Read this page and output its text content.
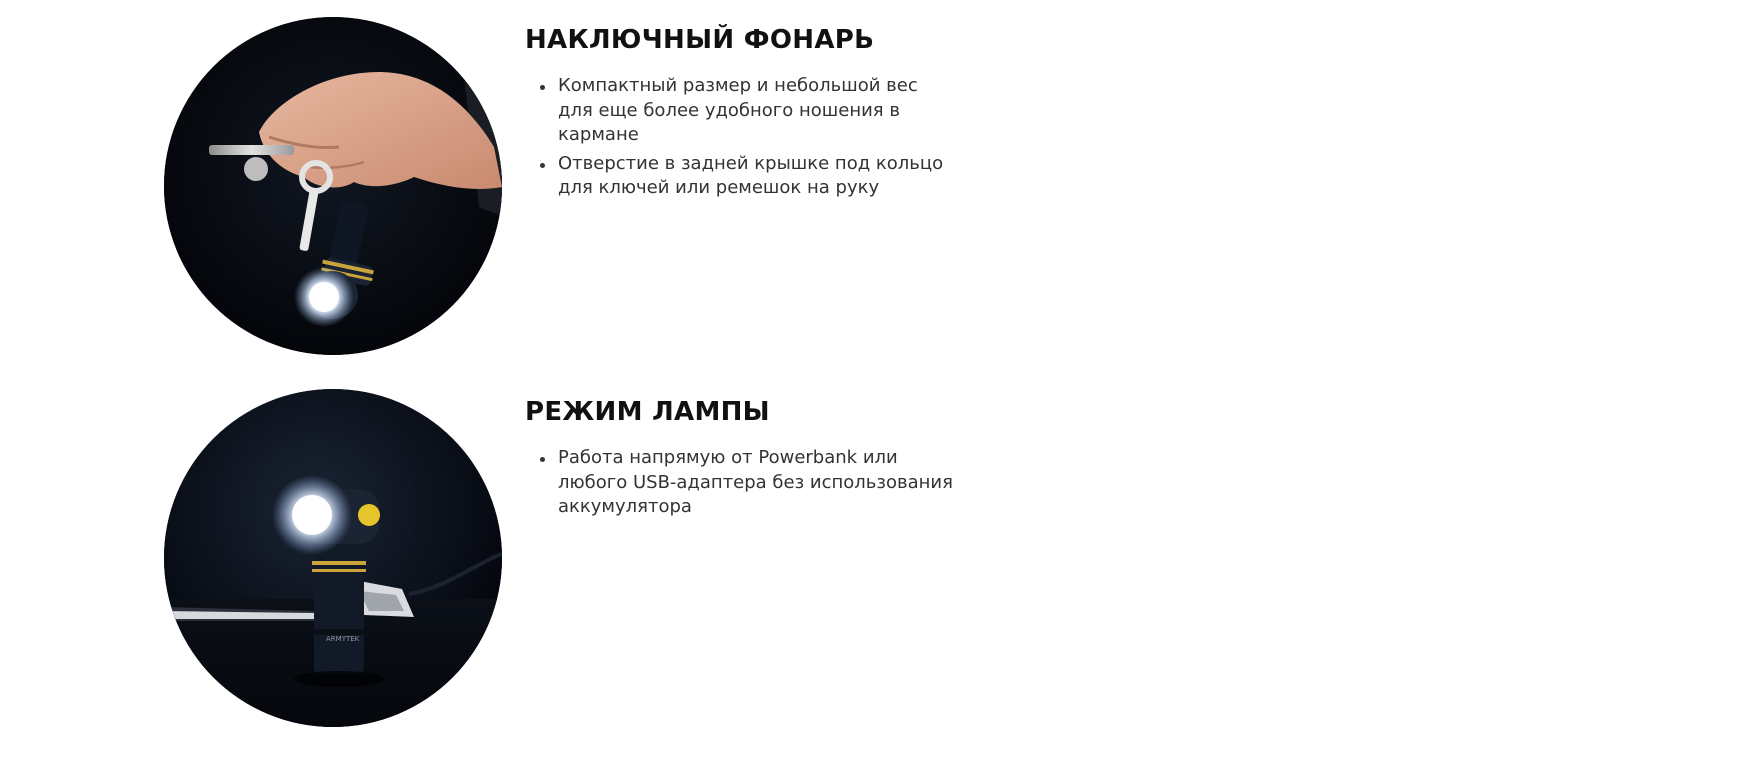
НАКЛЮЧНЫЙ ФОНАРЬ
Компактный размер и небольшой вес для еще более удобного ношения в кармане
Отверстие в задней крышке под кольцо для ключей или ремешок на руку
ARMYTEK
РЕЖИМ ЛАМПЫ
Работа напрямую от Powerbank или любого USB-адаптера без использования аккумулятора
